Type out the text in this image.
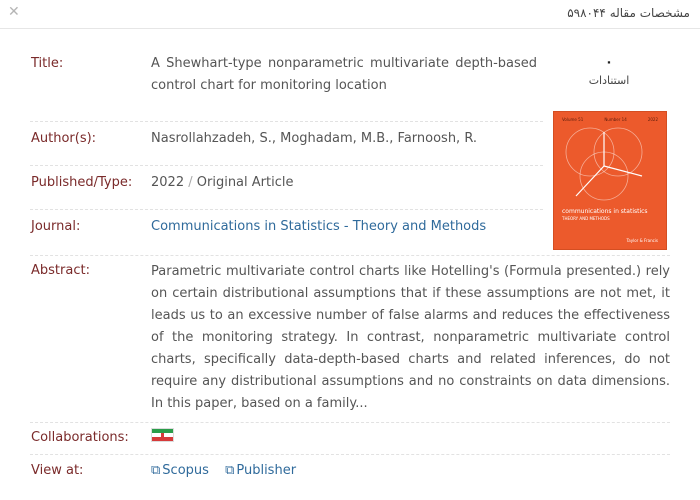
✕	مشخصات مقاله ۵۹۸۰۴۴
Title:	A Shewhart-type nonparametric multivariate depth-based control chart for monitoring location
Author(s):	Nasrollahzadeh, S., Moghadam, M.B., Farnoosh, R.
Published/Type: 2022 / Original Article
Journal:	Communications in Statistics - Theory and Methods
Abstract:	Parametric multivariate control charts like Hotelling's (Formula presented.) rely on certain distributional assumptions that if these assumptions are not met, it leads us to an excessive number of false alarms and reduces the effectiveness of the monitoring strategy. In contrast, nonparametric multivariate control charts, specifically data-depth-based charts and related inferences, do not require any distributional assumptions and no constraints on data dimensions. In this paper, based on a family...
Collaborations:
View at:	⧉ Scopus ⧉ Publisher
۰
استنادات
Volume 51	Number 14	2022
communications in statistics
THEORY AND METHODS
Taylor & Francis
